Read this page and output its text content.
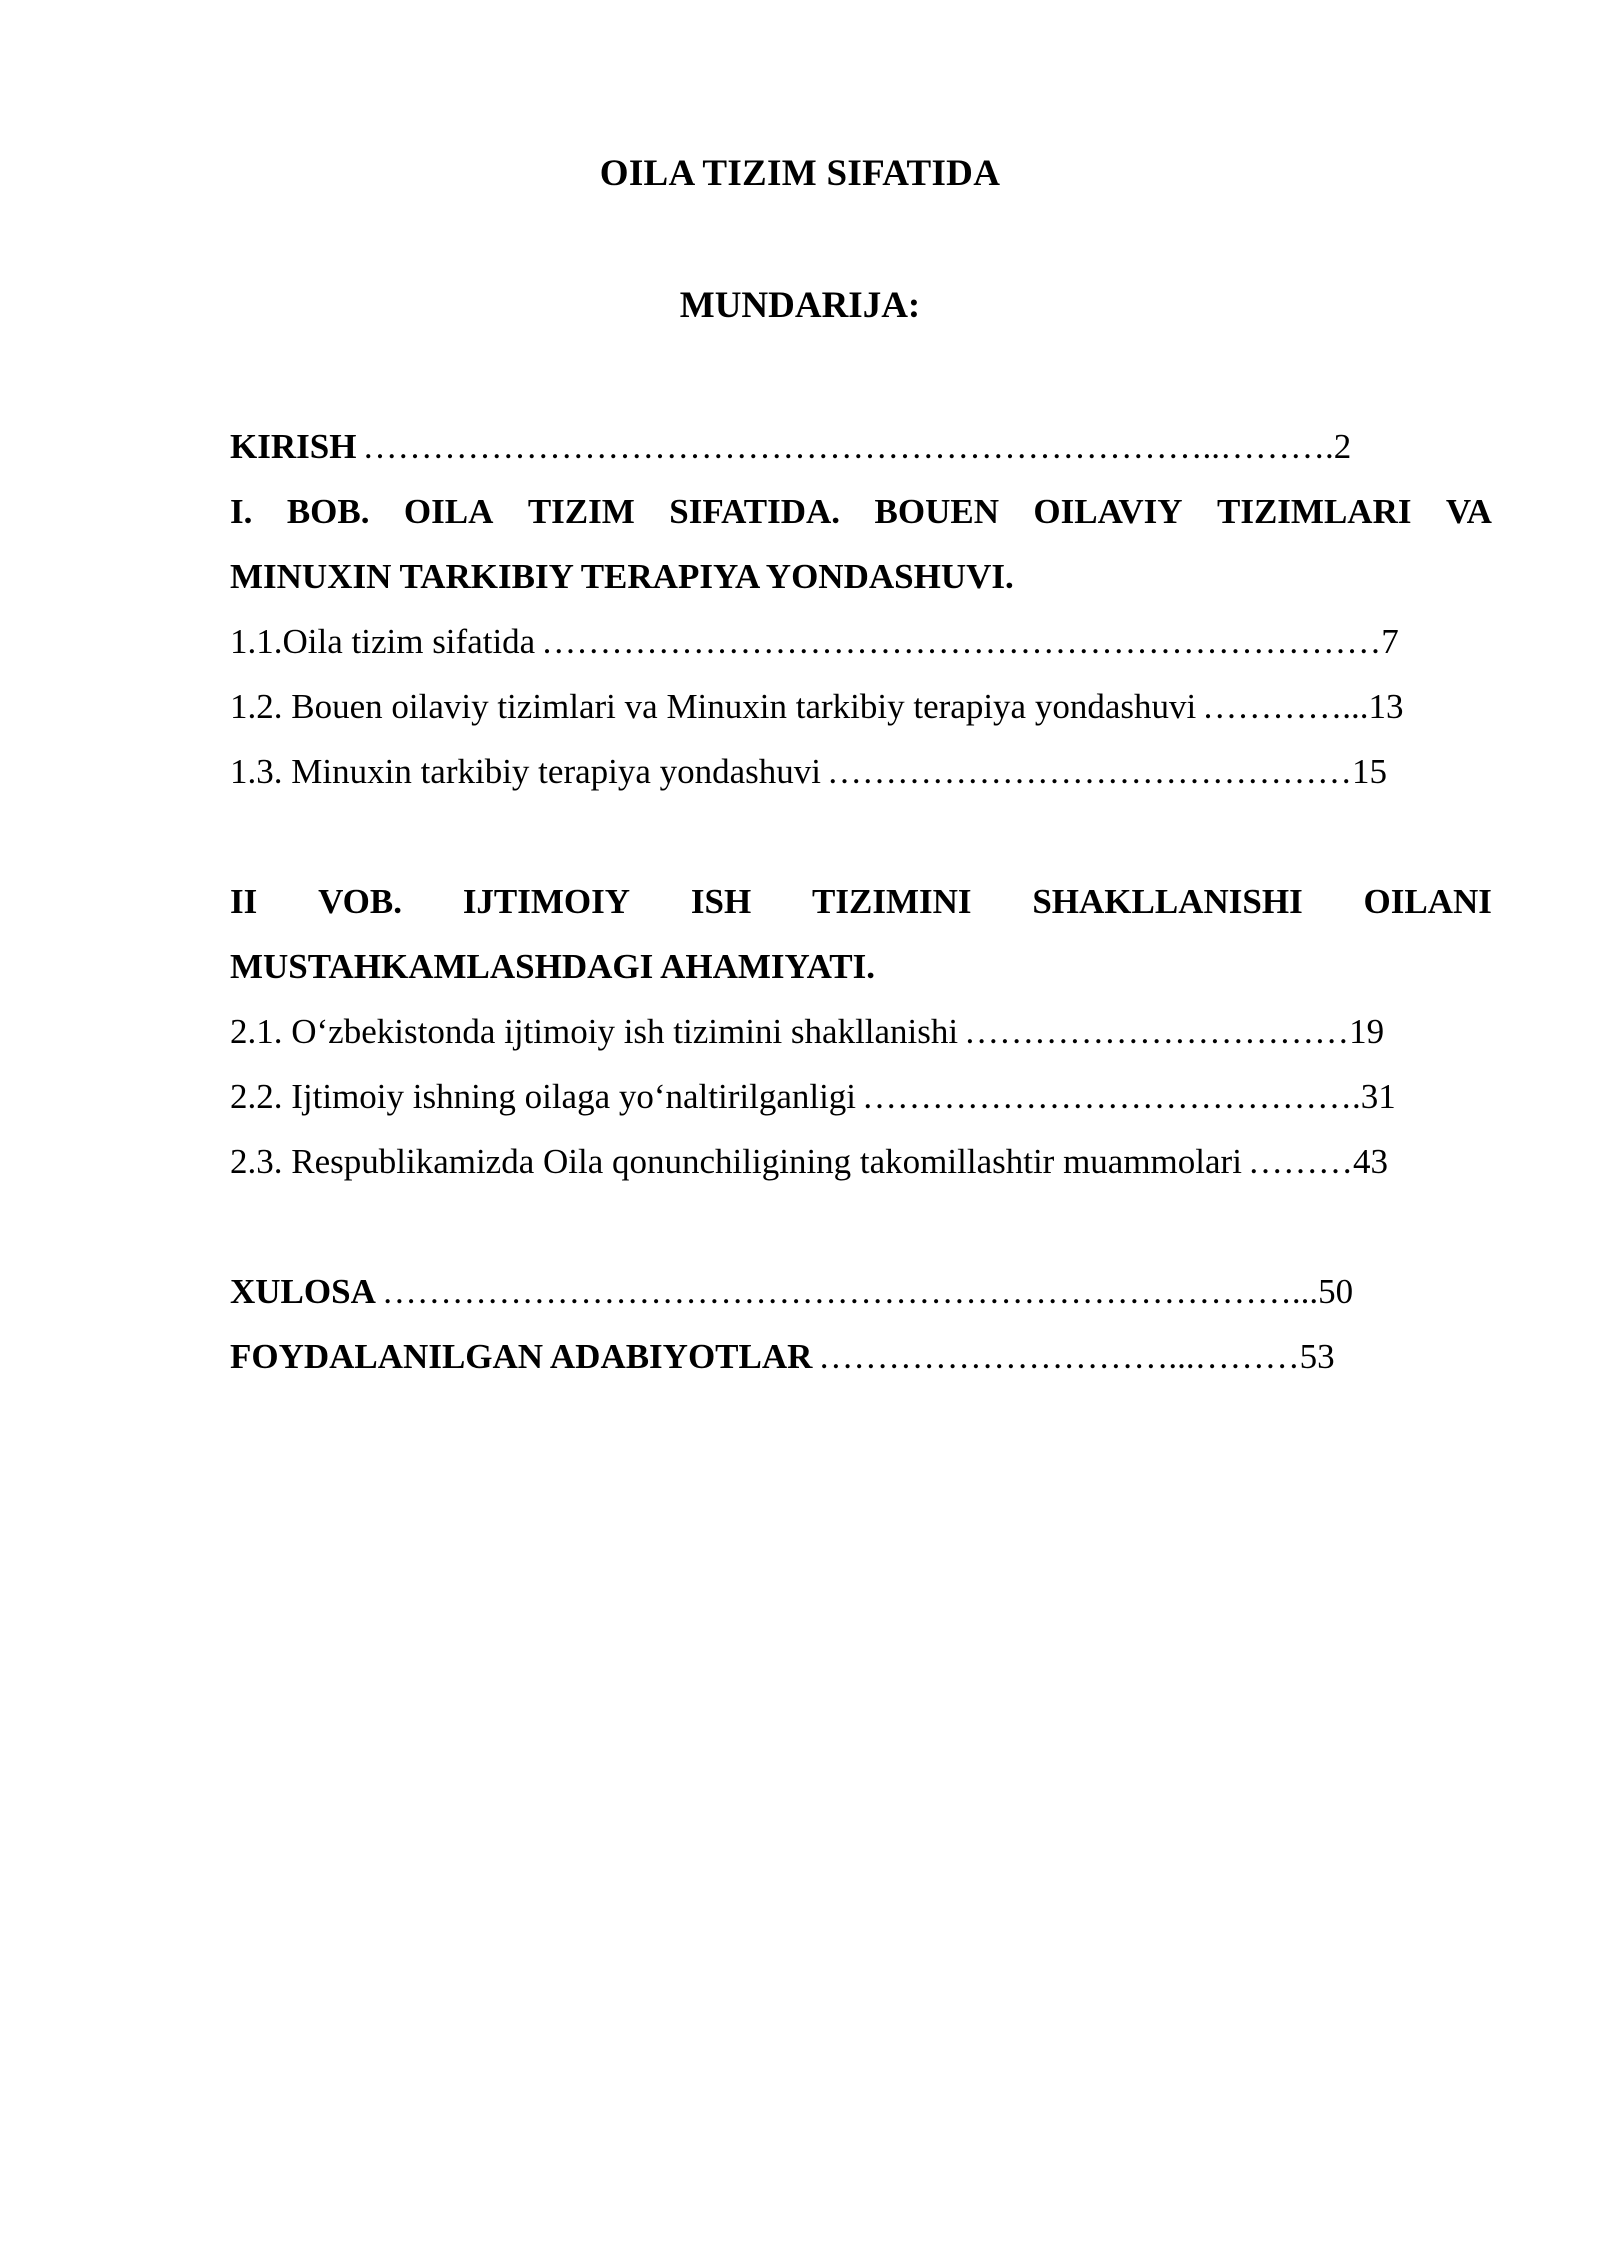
OILA TIZIM SIFATIDA
MUNDARIJA:
KIRISH ………………………………………………………………..………. 2
I. BOB. OILA TIZIM SIFATIDA. BOUEN OILAVIY TIZIMLARI VA
MINUXIN TARKIBIY TERAPIYA YONDASHUVI.
1.1.Oila tizim sifatida ……………………………………………………………… 7
1.2. Bouen oilaviy tizimlari va Minuxin tarkibiy terapiya yondashuvi …………... 13
1.3. Minuxin tarkibiy terapiya yondashuvi ……………………………………… 15
II VOB. IJTIMOIY ISH TIZIMINI SHAKLLANISHI OILANI
MUSTAHKAMLASHDAGI AHAMIYATI.
2.1. O‘zbekistonda ijtimoiy ish tizimini shakllanishi …………………………… 19
2.2. Ijtimoiy ishning oilaga yo‘naltirilganligi ……………………………………. 31
2.3. Respublikamizda Oila qonunchiligining takomillashtir muammolari ……… 43
XULOSA ……………………………………………………………………... 50
FOYDALANILGAN ADABIYOTLAR …………………………...……… 53
